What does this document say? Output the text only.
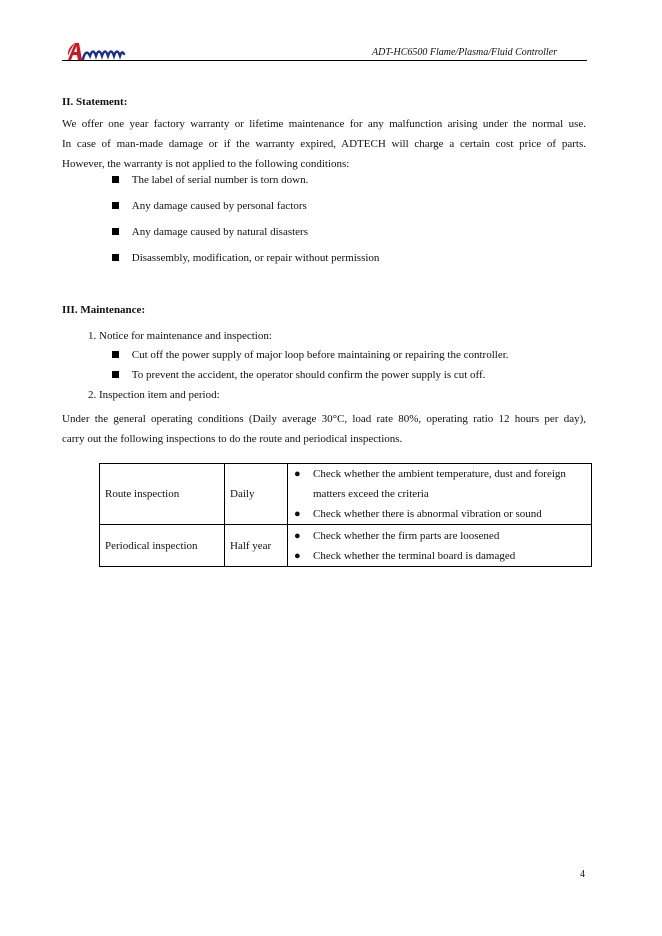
ADT-HC6500 Flame/Plasma/Fluid Controller
II. Statement:
We offer one year factory warranty or lifetime maintenance for any malfunction arising under the normal use.
In case of man-made damage or if the warranty expired, ADTECH will charge a certain cost price of parts.
However, the warranty is not applied to the following conditions:
The label of serial number is torn down.
Any damage caused by personal factors
Any damage caused by natural disasters
Disassembly, modification, or repair without permission
III. Maintenance:
1. Notice for maintenance and inspection:
Cut off the power supply of major loop before maintaining or repairing the controller.
To prevent the accident, the operator should confirm the power supply is cut off.
2. Inspection item and period:
Under the general operating conditions (Daily average 30°C, load rate 80%, operating ratio 12 hours per day),
carry out the following inspections to do the route and periodical inspections.
Route inspection	Daily	● Check whether the ambient temperature, dust and foreign
matters exceed the criteria
● Check whether there is abnormal vibration or sound

Periodical inspection	Half year	● Check whether the firm parts are loosened
● Check whether the terminal board is damaged
4
